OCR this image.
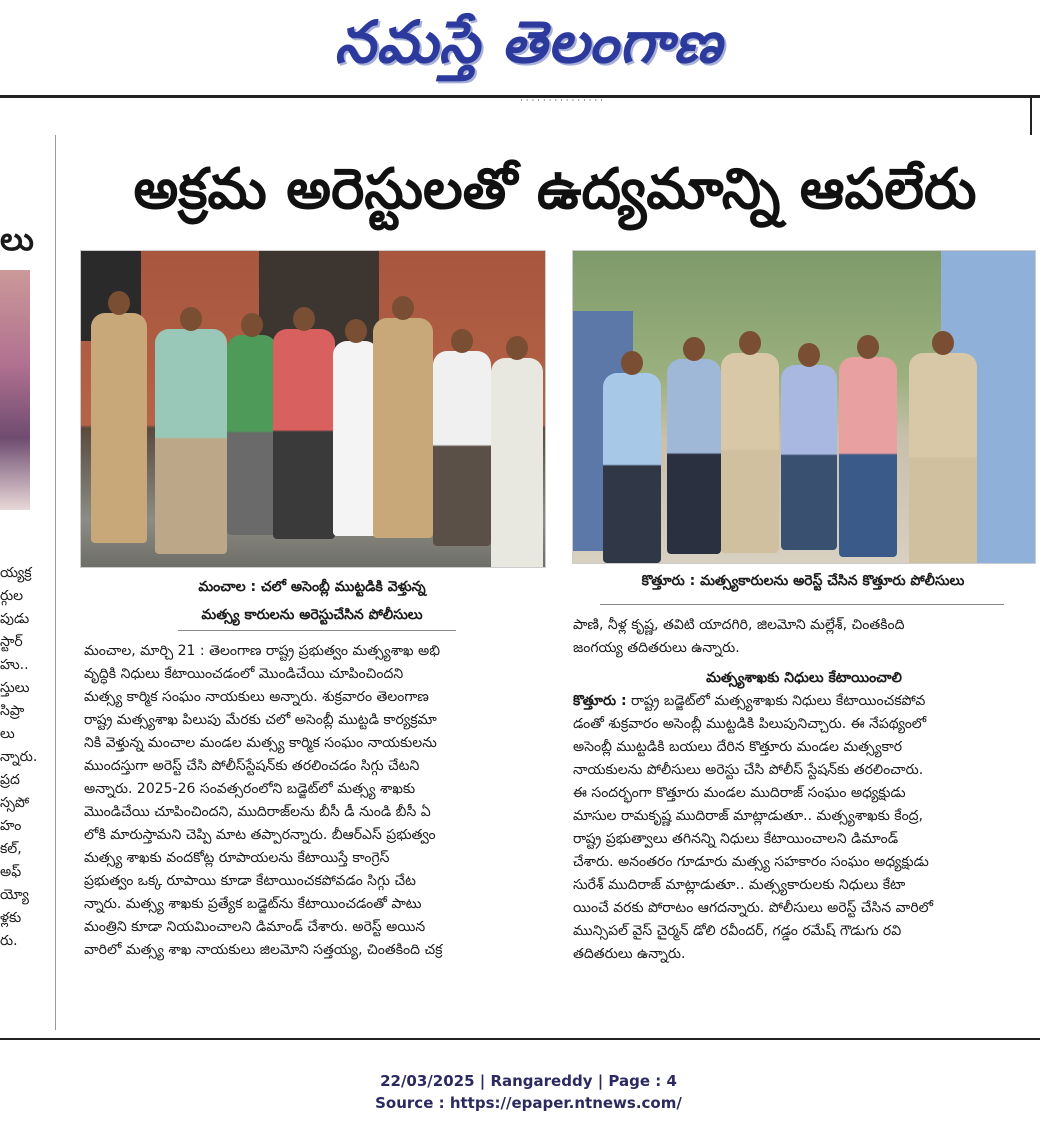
నమస్తే తెలంగాణ
· · · · · · · · · · · · · · ·
లు
య్యక్ర
ర్గుల
పుడు
స్టార్
హు..
స్తులు
సిప్రా
లు
న్నారు.
ప్రద
స్సపో
హం
కల్,
అఫ్
య్యో
ళ్లకు
రు.
అక్రమ అరెస్టులతో ఉద్యమాన్ని ఆపలేరు
మంచాల : చలో అసెంబ్లీ ముట్టడికి వెళ్తున్న
మత్స్య కారులను అరెస్టుచేసిన పోలీసులు
కొత్తూరు : మత్స్యకారులను అరెస్ట్ చేసిన కొత్తూరు పోలీసులు
మంచాల, మార్చి 21 : తెలంగాణ రాష్ట్ర ప్రభుత్వం మత్స్యశాఖ అభి
వృద్ధికి నిధులు కేటాయించడంలో మొండిచేయి చూపించిందని
మత్స్య కార్మిక సంఘం నాయకులు అన్నారు. శుక్రవారం తెలంగాణ
రాష్ట్ర మత్స్యశాఖ పిలుపు మేరకు చలో అసెంబ్లీ ముట్టడి కార్యక్రమా
నికి వెళ్తున్న మంచాల మండల మత్స్య కార్మిక సంఘం నాయకులను
ముందస్తుగా అరెస్ట్ చేసి పోలీస్‌స్టేషన్‌కు తరలించడం సిగ్గు చేటని
అన్నారు. 2025-26 సంవత్సరంలోని బడ్జెట్‌లో మత్స్య శాఖకు
మొండిచేయి చూపించిందని, ముదిరాజ్‌లను బీసీ డీ నుండి బీసీ ఏ
లోకి మారుస్తామని చెప్పి మాట తప్పారన్నారు. బీఆర్‌ఎస్ ప్రభుత్వం
మత్స్య శాఖకు వందకోట్ల రూపాయలను కేటాయిస్తే కాంగ్రెస్
ప్రభుత్వం ఒక్క రూపాయి కూడా కేటాయించకపోవడం సిగ్గు చేట
న్నారు. మత్స్య శాఖకు ప్రత్యేక బడ్జెట్‌ను కేటాయించడంతో పాటు
మంత్రిని కూడా నియమించాలని డిమాండ్ చేశారు. అరెస్ట్ అయిన
వారిలో మత్స్య శాఖ నాయకులు జిలమోని సత్తయ్య, చింతకింది చక్ర
పాణి, నీళ్ల కృష్ణ, తవిటి యాదగిరి, జిలమోని మల్లేశ్, చింతకింది
జంగయ్య తదితరులు ఉన్నారు.
మత్స్యశాఖకు నిధులు కేటాయించాలి
కొత్తూరు : రాష్ట్ర బడ్జెట్‌లో మత్స్యశాఖకు నిధులు కేటాయించకపోవ
డంతో శుక్రవారం అసెంబ్లీ ముట్టడికి పిలుపునిచ్చారు. ఈ నేపథ్యంలో
అసెంబ్లీ ముట్టడికి బయలు దేరిన కొత్తూరు మండల మత్స్యకార
నాయకులను పోలీసులు అరెస్టు చేసి పోలీస్ స్టేషన్‌కు తరలించారు.
ఈ సందర్భంగా కొత్తూరు మండల ముదిరాజ్ సంఘం అధ్యక్షుడు
మాసుల రామకృష్ణ ముదిరాజ్ మాట్లాడుతూ.. మత్స్యశాఖకు కేంద్ర,
రాష్ట్ర ప్రభుత్వాలు తగినన్ని నిధులు కేటాయించాలని డిమాండ్
చేశారు. అనంతరం గూడూరు మత్స్య సహకారం సంఘం అధ్యక్షుడు
సురేశ్ ముదిరాజ్ మాట్లాడుతూ.. మత్స్యకారులకు నిధులు కేటా
యించే వరకు పోరాటం ఆగదన్నారు. పోలీసులు అరెస్ట్ చేసిన వారిలో
మున్సిపల్ వైస్ చైర్మన్ డోలి రవీందర్, గడ్డం రమేష్ గౌడుగు రవి
తదితరులు ఉన్నారు.
22/03/2025 | Rangareddy | Page : 4
Source : https://epaper.ntnews.com/
